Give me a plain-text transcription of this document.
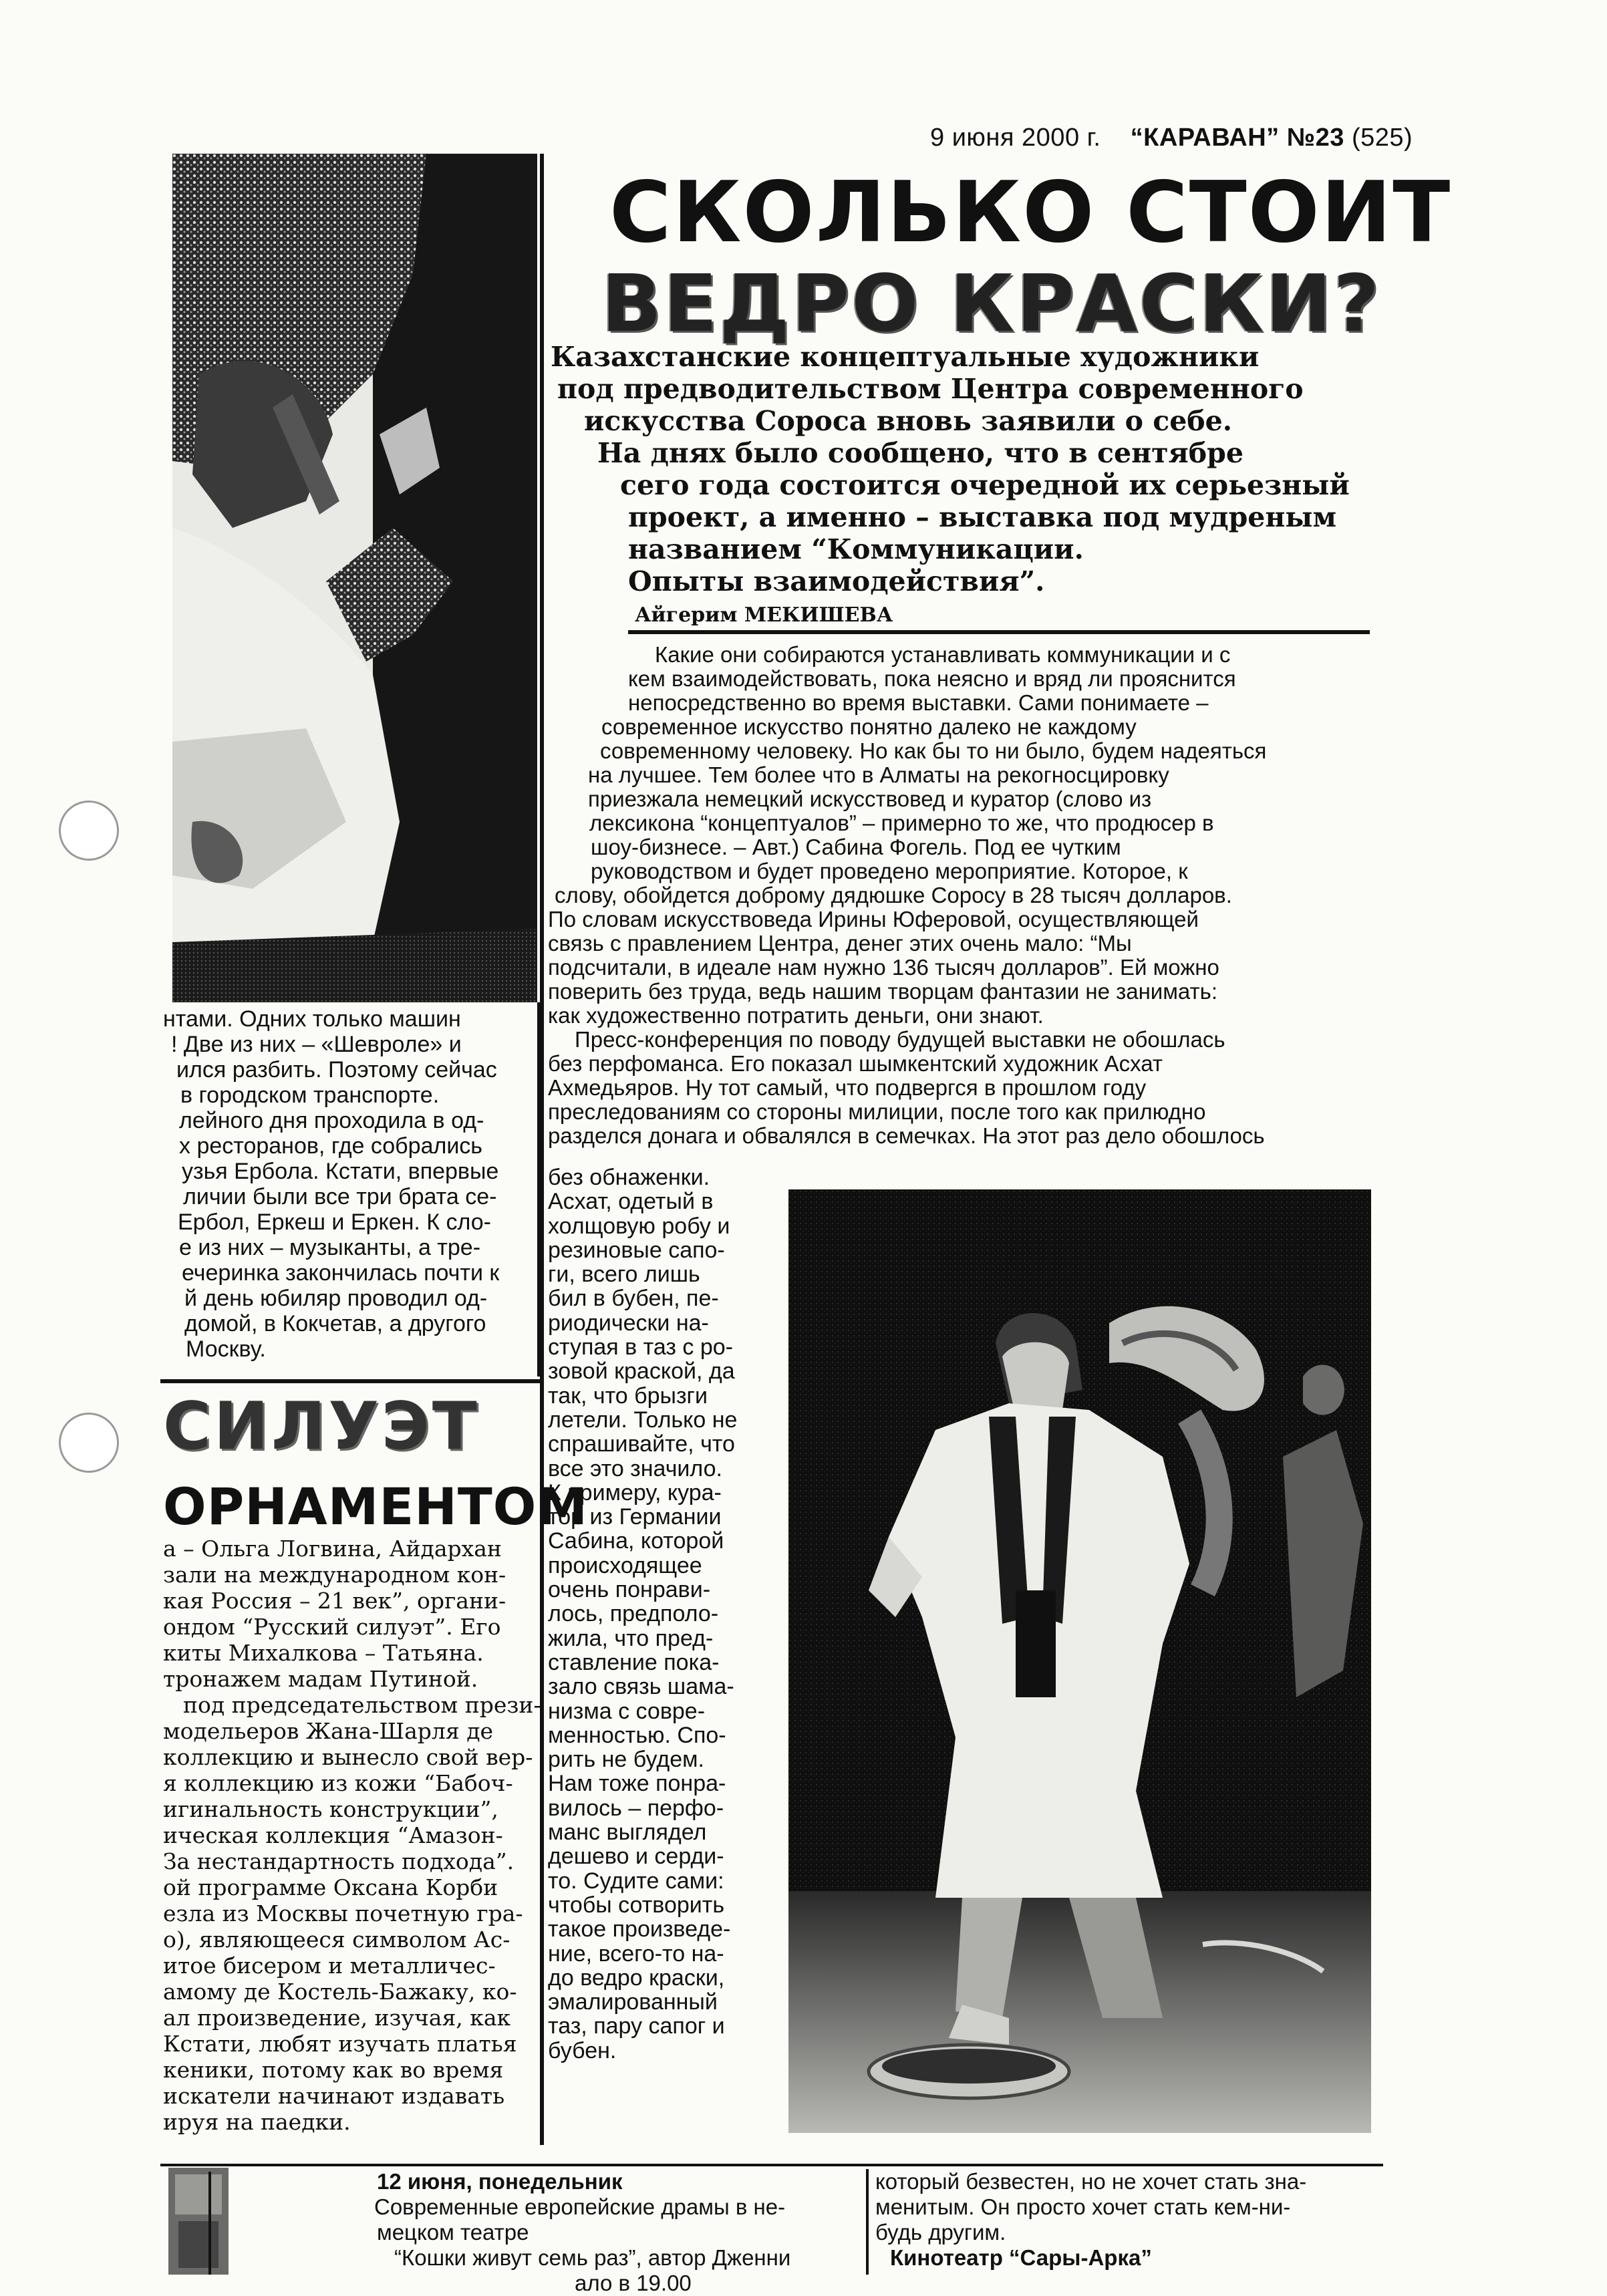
9 июня 2000 г. “КАРАВАН” №23 (525)
СКОЛЬКО СТОИТ
ВЕДРО КРАСКИ?
Казахстанские концептуальные художники
под предводительством Центра современного
искусства Сороса вновь заявили о себе.
На днях было сообщено, что в сентябре
сего года состоится очередной их серьезный
проект, а именно – выставка под мудреным
названием “Коммуникации.
Опыты взаимодействия”.
Айгерим МЕКИШЕВА

Какие они собираются устанавливать коммуникации и с

кем взаимодействовать, пока неясно и вряд ли прояснится

непосредственно во время выставки. Сами понимаете –

современное искусство понятно далеко не каждому

современному человеку. Но как бы то ни было, будем надеяться

на лучшее. Тем более что в Алматы на рекогносцировку

приезжала немецкий искусствовед и куратор (слово из

лексикона “концептуалов” – примерно то же, что продюсер в

шоу-бизнесе. – Авт.) Сабина Фогель. Под ее чутким

руководством и будет проведено мероприятие. Которое, к

слову, обойдется доброму дядюшке Соросу в 28 тысяч долларов.

По словам искусствоведа Ирины Юферовой, осуществляющей

связь с правлением Центра, денег этих очень мало: “Мы

подсчитали, в идеале нам нужно 136 тысяч долларов”. Ей можно

поверить без труда, ведь нашим творцам фантазии не занимать:

как художественно потратить деньги, они знают.

Пресс-конференция по поводу будущей выставки не обошлась

без перфоманса. Его показал шымкентский художник Асхат

Ахмедьяров. Ну тот самый, что подвергся в прошлом году

преследованиям со стороны милиции, после того как прилюдно

разделся донага и обвалялся в семечках. На этот раз дело обошлось

без обнаженки.

Асхат, одетый в

холщовую робу и

резиновые сапо-

ги, всего лишь

бил в бубен, пе-

риодически на-

ступая в таз с ро-

зовой краской, да

так, что брызги

летели. Только не

спрашивайте, что

все это значило.

К примеру, кура-

тор из Германии

Сабина, которой

происходящее

очень понрави-

лось, предполо-

жила, что пред-

ставление пока-

зало связь шама-

низма с совре-

менностью. Спо-

рить не будем.

Нам тоже понра-

вилось – перфо-

манс выглядел

дешево и серди-

то. Судите сами:

чтобы сотворить

такое произведе-

ние, всего-то на-

до ведро краски,

эмалированный

таз, пару сапог и

бубен.

нтами. Одних только машин

! Две из них – «Шевроле» и

ился разбить. Поэтому сейчас

в городском транспорте.

лейного дня проходила в од-

х ресторанов, где собрались

узья Ербола. Кстати, впервые

личии были все три брата се-

Ербол, Еркеш и Еркен. К сло-

е из них – музыканты, а тре-

ечеринка закончилась почти к

й день юбиляр проводил од-

домой, в Кокчетав, а другого

Москву.

СИЛУЭТ
ОРНАМЕНТОМ

а – Ольга Логвина, Айдархан

зали на международном кон-

кая Россия – 21 век”, органи-

ондом “Русский силуэт”. Его

киты Михалкова – Татьяна.

тронажем мадам Путиной.

под председательством прези-

модельеров Жана-Шарля де

коллекцию и вынесло свой вер-

я коллекцию из кожи “Бабоч-

игинальность конструкции”,

ическая коллекция “Амазон-

За нестандартность подхода”.

ой программе Оксана Корби

езла из Москвы почетную гра-

о), являющееся символом Ас-

итое бисером и металличес-

амому де Костель-Бажаку, ко-

ал произведение, изучая, как

Кстати, любят изучать платья

кеники, потому как во время

искатели начинают издавать

ируя на паедки.

12 июня, понедельник

Современные европейские драмы в не-

мецком театре

“Кошки живут семь раз”, автор Дженни

ало в 19.00

который безвестен, но не хочет стать зна-

менитым. Он просто хочет стать кем-ни-

будь другим.

Кинотеатр “Сары-Арка”
